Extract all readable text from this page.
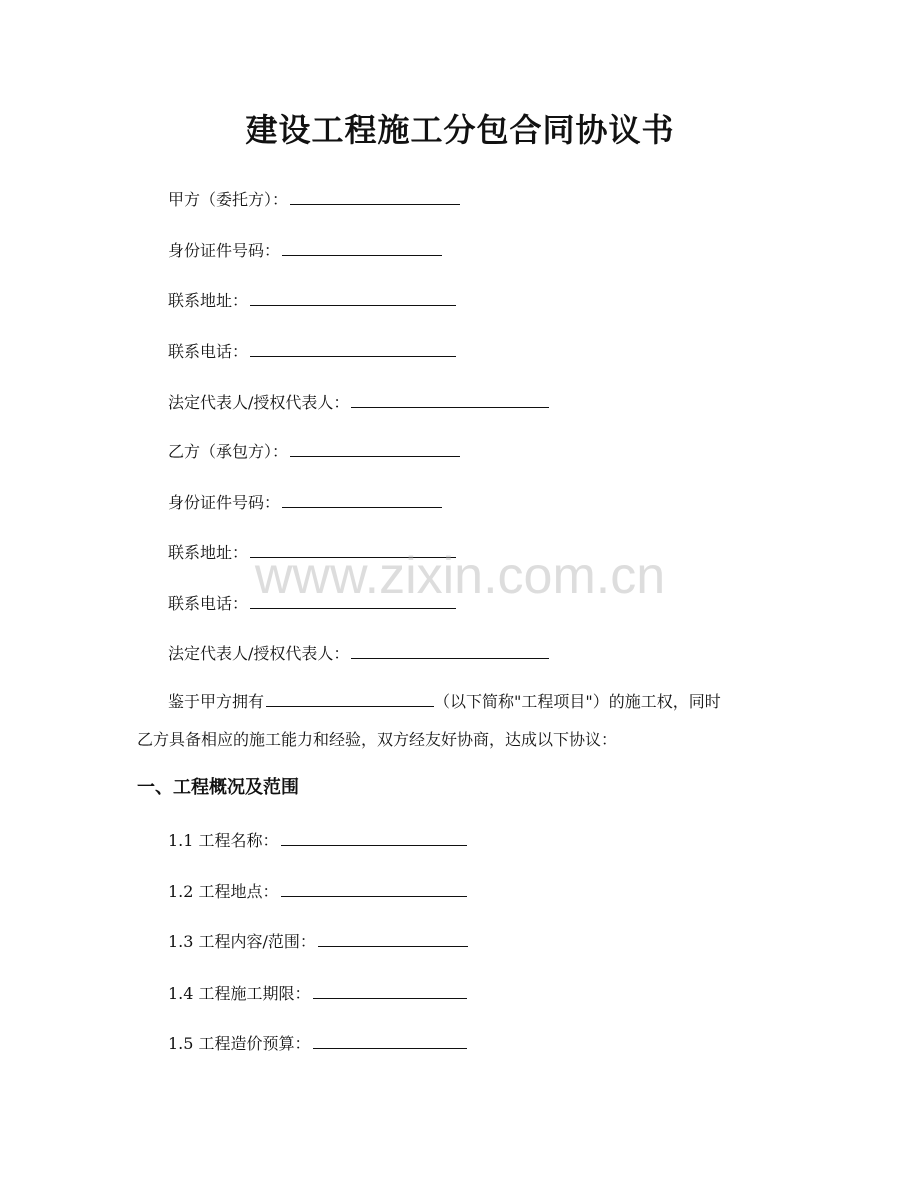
建设工程施工分包合同协议书
甲方（委托方）：
身份证件号码：
联系地址：
联系电话：
法定代表人/授权代表人：
乙方（承包方）：
身份证件号码：
联系地址：
联系电话：
法定代表人/授权代表人：
鉴于甲方拥有	（以下简称"工程项目"）的施工权，同时
乙方具备相应的施工能力和经验，双方经友好协商，达成以下协议：
一、工程概况及范围
1.1 工程名称：
1.2 工程地点：
1.3 工程内容/范围：
1.4 工程施工期限：
1.5 工程造价预算：
www.zixin.com.cn
